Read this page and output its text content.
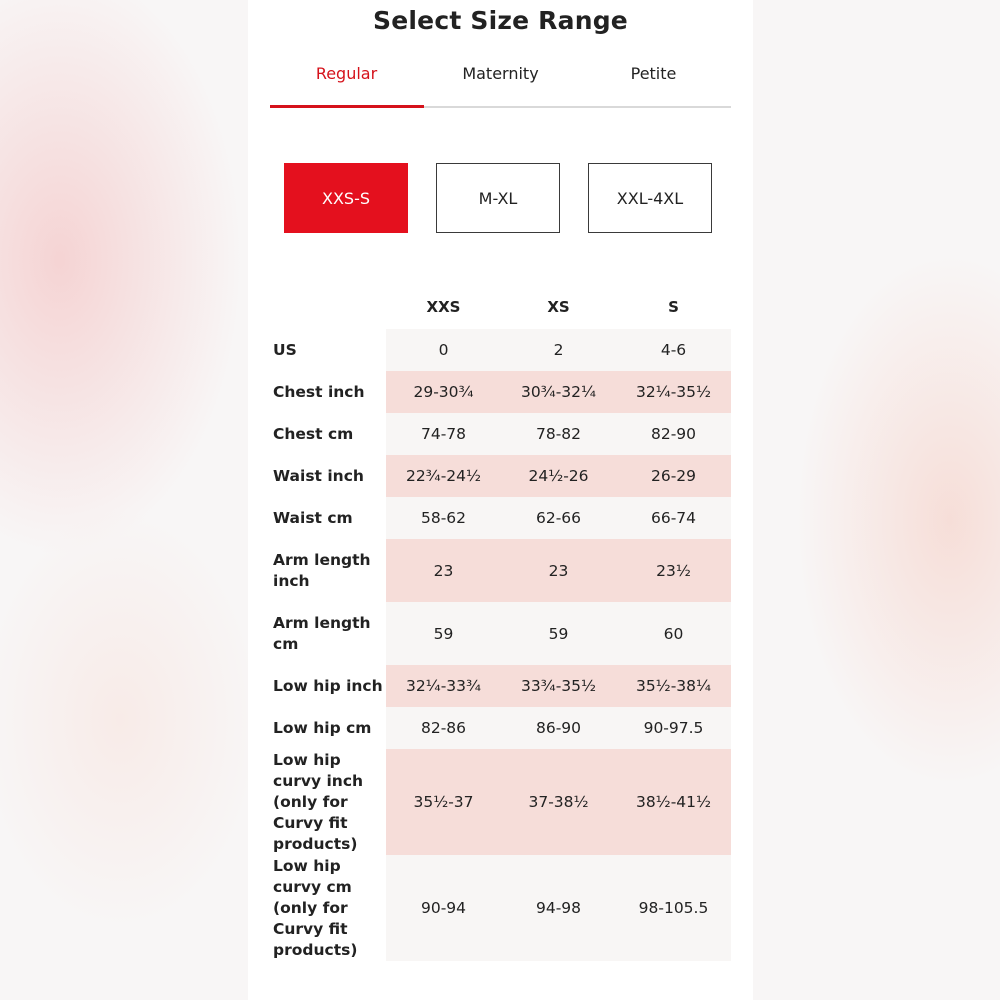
Select Size Range
Regular	Maternity	Petite
XXS-S	M-XL	XXL-4XL
	XXS	XS	S
US	0	2	4-6
Chest inch	29-30¾	30¾-32¼	32¼-35½
Chest cm	74-78	78-82	82-90
Waist inch	22¾-24½	24½-26	26-29
Waist cm	58-62	62-66	66-74
Arm length inch	23	23	23½
Arm length cm	59	59	60
Low hip inch	32¼-33¾	33¾-35½	35½-38¼
Low hip cm	82-86	86-90	90-97.5
Low hip curvy inch (only for Curvy fit products)	35½-37	37-38½	38½-41½
Low hip curvy cm (only for Curvy fit products)	90-94	94-98	98-105.5
